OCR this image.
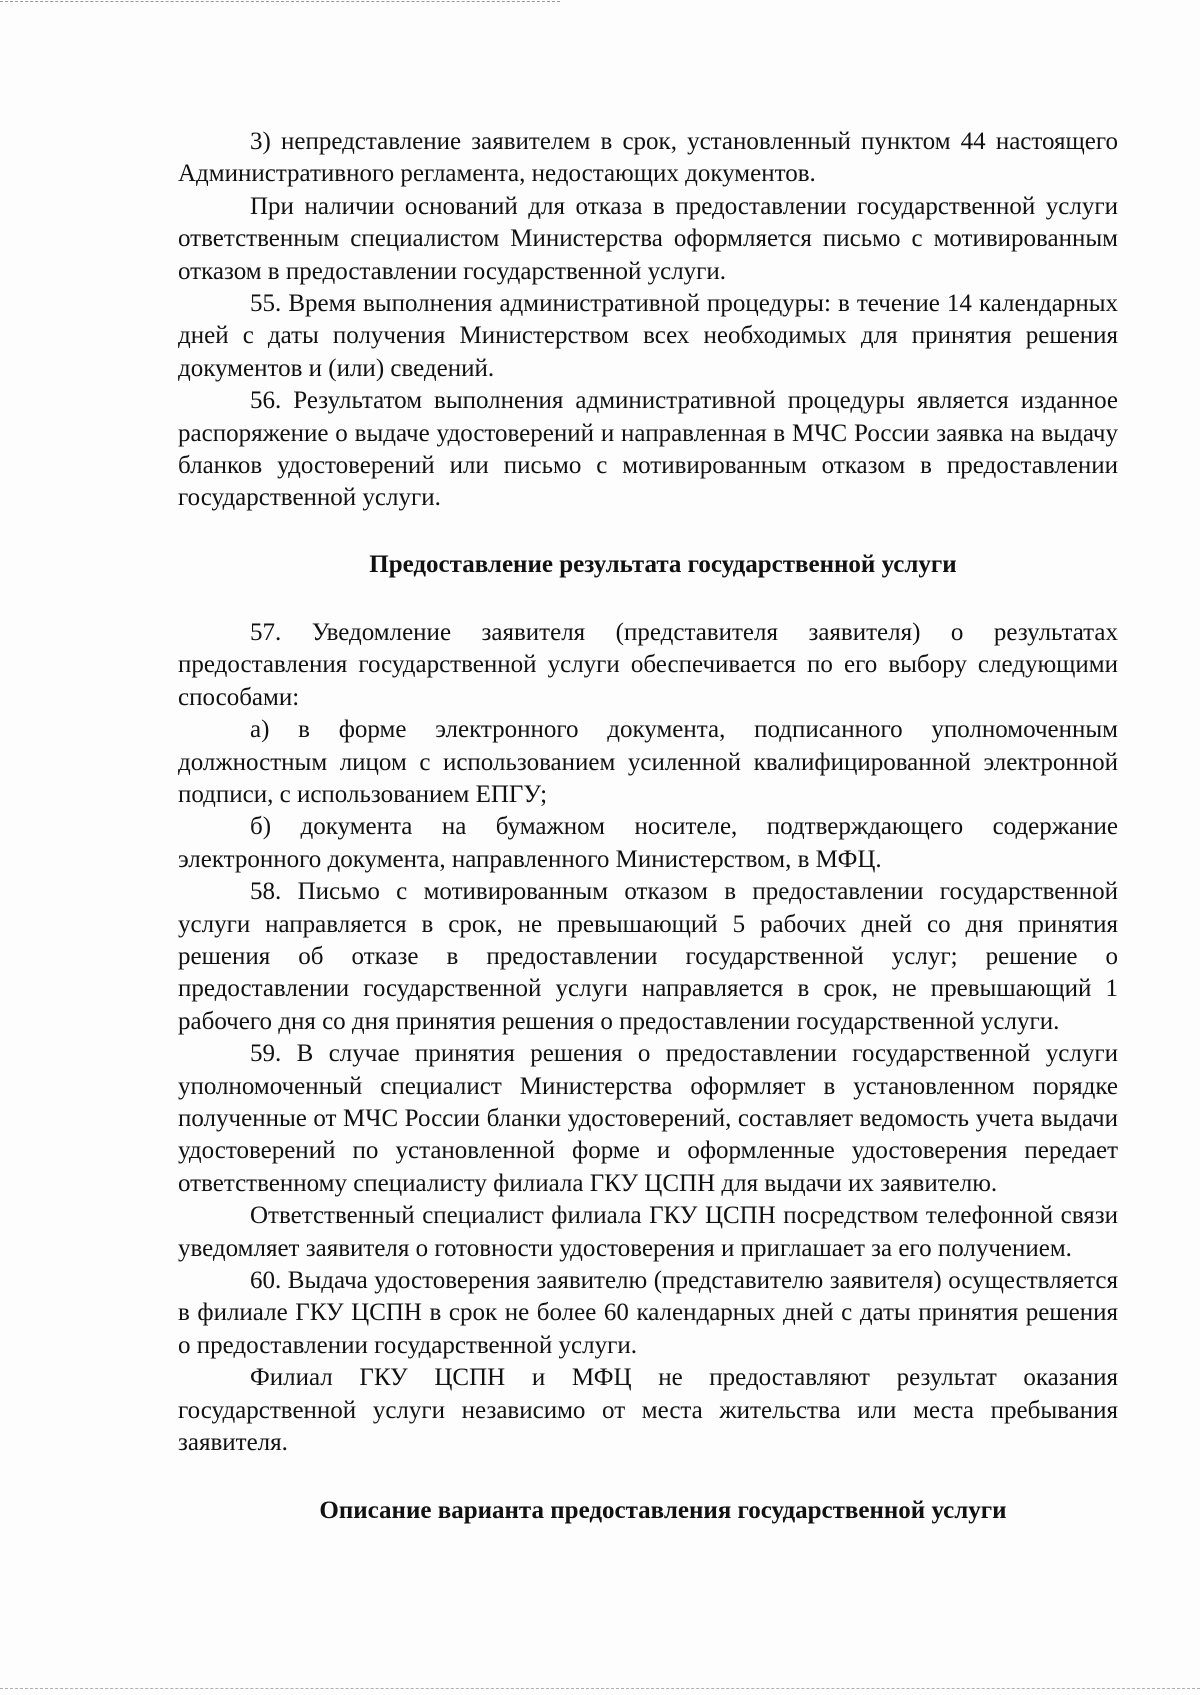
3) непредставление заявителем в срок, установленный пунктом 44 настоящего Административного регламента, недостающих документов.

При наличии оснований для отказа в предоставлении государственной услуги ответственным специалистом Министерства оформляется письмо с мотивированным отказом в предоставлении государственной услуги.

55. Время выполнения административной процедуры: в течение 14 календарных дней с даты получения Министерством всех необходимых для принятия решения документов и (или) сведений.

56. Результатом выполнения административной процедуры является изданное распоряжение о выдаче удостоверений и направленная в МЧС России заявка на выдачу бланков удостоверений или письмо с мотивированным отказом в предоставлении государственной услуги.

Предоставление результата государственной услуги

57. Уведомление заявителя (представителя заявителя) о результатах предоставления государственной услуги обеспечивается по его выбору следующими способами:

а) в форме электронного документа, подписанного уполномоченным должностным лицом с использованием усиленной квалифицированной электронной подписи, с использованием ЕПГУ;

б) документа на бумажном носителе, подтверждающего содержание электронного документа, направленного Министерством, в МФЦ.

58. Письмо с мотивированным отказом в предоставлении государственной услуги направляется в срок, не превышающий 5 рабочих дней со дня принятия решения об отказе в предоставлении государственной услуг; решение о предоставлении государственной услуги направляется в срок, не превышающий 1 рабочего дня со дня принятия решения о предоставлении государственной услуги.

59. В случае принятия решения о предоставлении государственной услуги уполномоченный специалист Министерства оформляет в установленном порядке полученные от МЧС России бланки удостоверений, составляет ведомость учета выдачи удостоверений по установленной форме и оформленные удостоверения передает ответственному специалисту филиала ГКУ ЦСПН для выдачи их заявителю.

Ответственный специалист филиала ГКУ ЦСПН посредством телефонной связи уведомляет заявителя о готовности удостоверения и приглашает за его получением.

60. Выдача удостоверения заявителю (представителю заявителя) осуществляется в филиале ГКУ ЦСПН в срок не более 60 календарных дней с даты принятия решения о предоставлении государственной услуги.

Филиал ГКУ ЦСПН и МФЦ не предоставляют результат оказания государственной услуги независимо от места жительства или места пребывания заявителя.

Описание варианта предоставления государственной услуги
